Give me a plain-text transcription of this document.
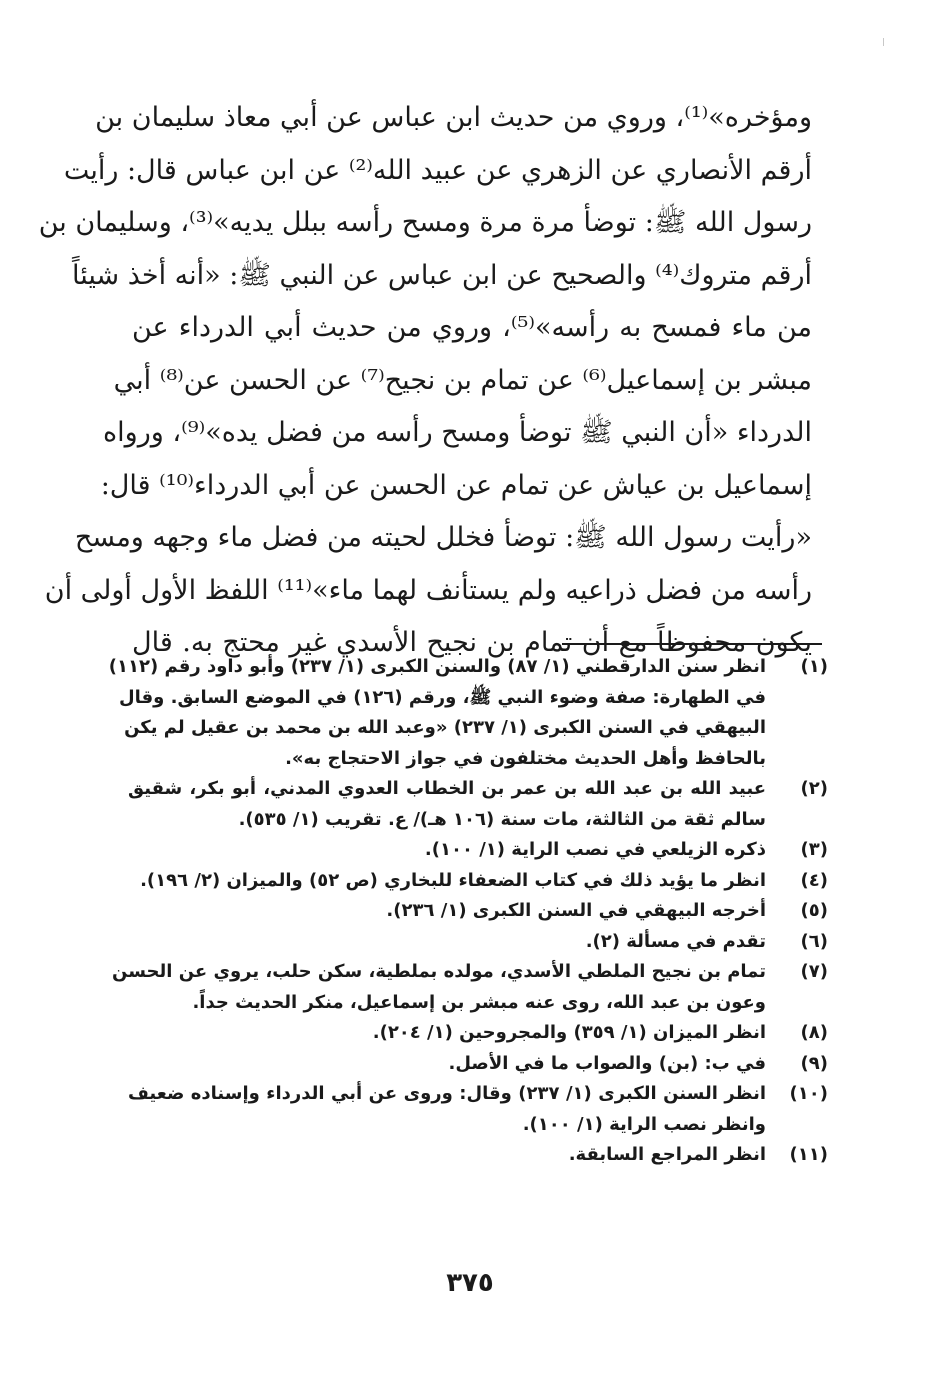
ومؤخره»⁽¹⁾، وروي من حديث ابن عباس عن أبي معاذ سليمان بن
أرقم الأنصاري عن الزهري عن عبيد الله⁽²⁾ عن ابن عباس قال: رأيت
رسول الله ﷺ: توضأ مرة مرة ومسح رأسه ببلل يديه»⁽³⁾، وسليمان بن
أرقم متروك⁽⁴⁾ والصحيح عن ابن عباس عن النبي ﷺ: «أنه أخذ شيئاً
من ماء فمسح به رأسه»⁽⁵⁾، وروي من حديث أبي الدرداء عن
مبشر بن إسماعيل⁽⁶⁾ عن تمام بن نجيح⁽⁷⁾ عن الحسن عن⁽⁸⁾ أبي
الدرداء «أن النبي ﷺ توضأ ومسح رأسه من فضل يده»⁽⁹⁾، ورواه
إسماعيل بن عياش عن تمام عن الحسن عن أبي الدرداء⁽¹⁰⁾ قال:
«رأيت رسول الله ﷺ: توضأ فخلل لحيته من فضل ماء وجهه ومسح
رأسه من فضل ذراعيه ولم يستأنف لهما ماء»⁽¹¹⁾ اللفظ الأول أولى أن
يكون محفوظاً مع أن تمام بن نجيح الأسدي غير محتج به. قال
(١)
انظر سنن الدارقطني (١/ ٨٧) والسنن الكبرى (١/ ٢٣٧) وأبو داود رقم (١١٢)
في الطهارة: صفة وضوء النبي ﷺ، ورقم (١٢٦) في الموضع السابق. وقال
البيهقي في السنن الكبرى (١/ ٢٣٧) «وعبد الله بن محمد بن عقيل لم يكن
بالحافظ وأهل الحديث مختلفون في جواز الاحتجاج به».
(٢)
عبيد الله بن عبد الله بن عمر بن الخطاب العدوي المدني، أبو بكر، شقيق
سالم ثقة من الثالثة، مات سنة (١٠٦ هـ)/ ع. تقريب (١/ ٥٣٥).
(٣)
ذكره الزيلعي في نصب الراية (١/ ١٠٠).
(٤)
انظر ما يؤيد ذلك في كتاب الضعفاء للبخاري (ص ٥٢) والميزان (٢/ ١٩٦).
(٥)
أخرجه البيهقي في السنن الكبرى (١/ ٢٣٦).
(٦)
تقدم في مسألة (٢).
(٧)
تمام بن نجيح الملطي الأسدي، مولده بملطية، سكن حلب، يروي عن الحسن
وعون بن عبد الله، روى عنه مبشر بن إسماعيل، منكر الحديث جداً.
(٨)
انظر الميزان (١/ ٣٥٩) والمجروحين (١/ ٢٠٤).
(٩)
في ب: (بن) والصواب ما في الأصل.
(١٠)
انظر السنن الكبرى (١/ ٢٣٧) وقال: وروى عن أبي الدرداء وإسناده ضعيف
وانظر نصب الراية (١/ ١٠٠).
(١١)
انظر المراجع السابقة.
٣٧٥
